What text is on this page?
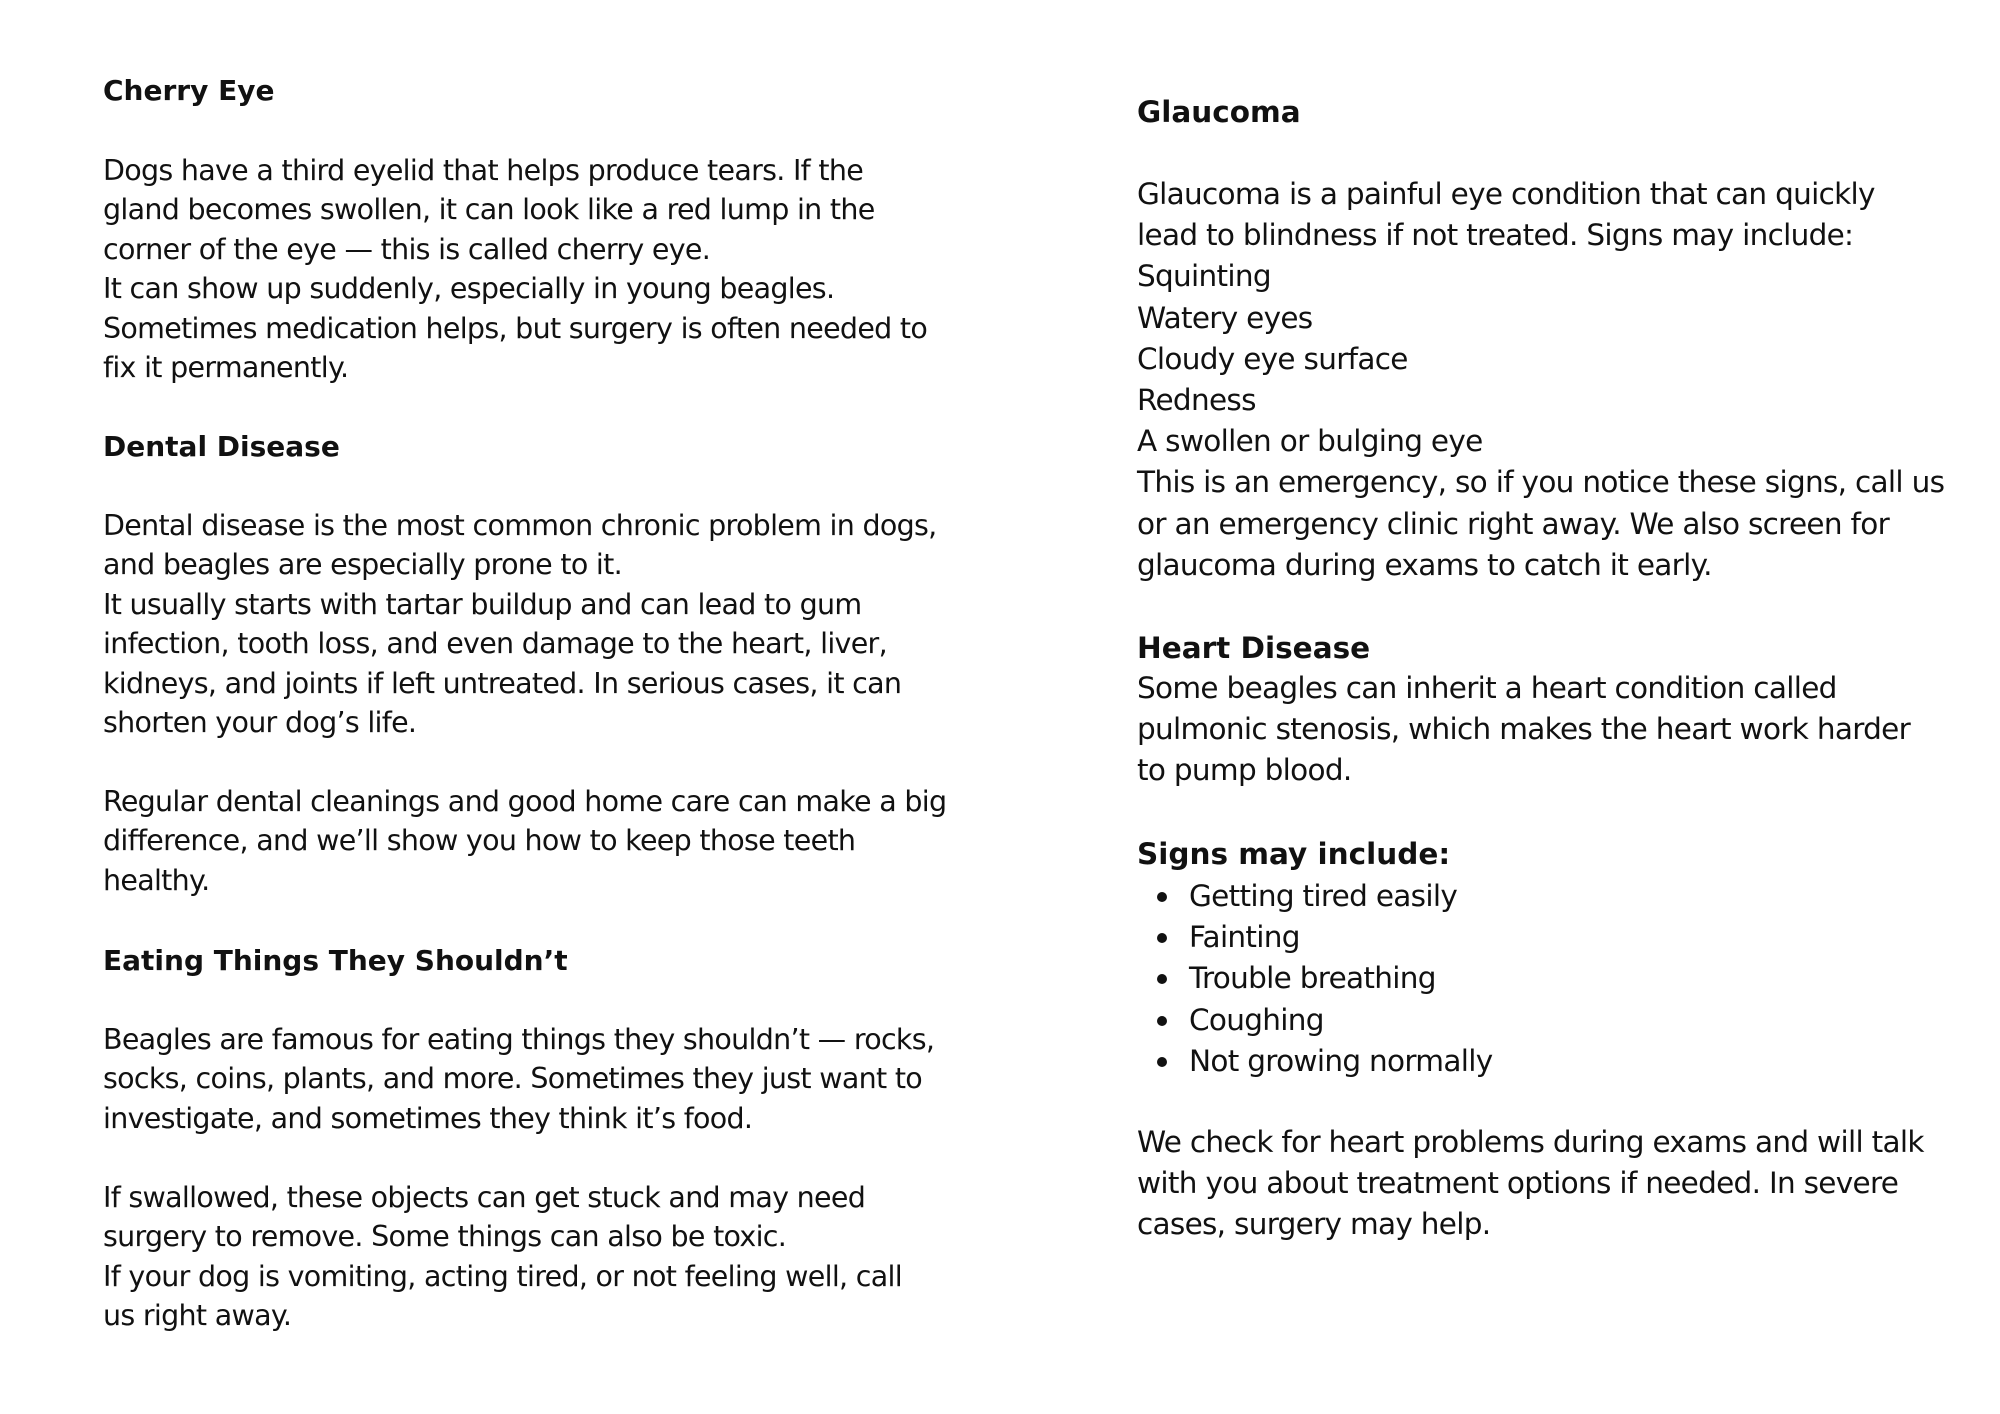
Cherry Eye
Dogs have a third eyelid that helps produce tears. If the
gland becomes swollen, it can look like a red lump in the
corner of the eye — this is called cherry eye.
It can show up suddenly, especially in young beagles.
Sometimes medication helps, but surgery is often needed to
fix it permanently.
Dental Disease
Dental disease is the most common chronic problem in dogs,
and beagles are especially prone to it.
It usually starts with tartar buildup and can lead to gum
infection, tooth loss, and even damage to the heart, liver,
kidneys, and joints if left untreated. In serious cases, it can
shorten your dog’s life.
Regular dental cleanings and good home care can make a big
difference, and we’ll show you how to keep those teeth
healthy.
Eating Things They Shouldn’t
Beagles are famous for eating things they shouldn’t — rocks,
socks, coins, plants, and more. Sometimes they just want to
investigate, and sometimes they think it’s food.
If swallowed, these objects can get stuck and may need
surgery to remove. Some things can also be toxic.
If your dog is vomiting, acting tired, or not feeling well, call
us right away.
Glaucoma
Glaucoma is a painful eye condition that can quickly
lead to blindness if not treated. Signs may include:
Squinting
Watery eyes
Cloudy eye surface
Redness
A swollen or bulging eye
This is an emergency, so if you notice these signs, call us
or an emergency clinic right away. We also screen for
glaucoma during exams to catch it early.
Heart Disease
Some beagles can inherit a heart condition called
pulmonic stenosis, which makes the heart work harder
to pump blood.
Signs may include:
Getting tired easily
Fainting
Trouble breathing
Coughing
Not growing normally
We check for heart problems during exams and will talk
with you about treatment options if needed. In severe
cases, surgery may help.
